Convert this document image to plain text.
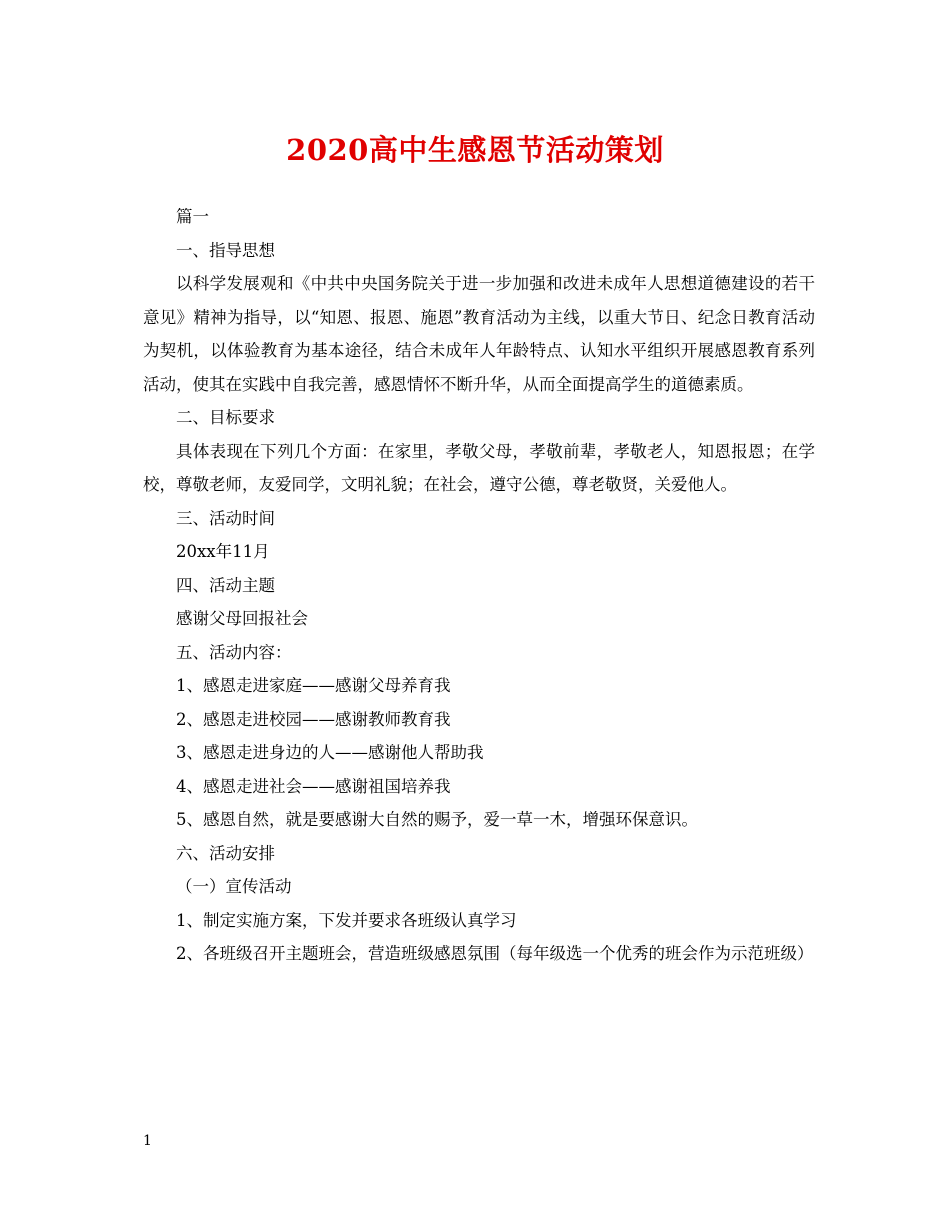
2020高中生感恩节活动策划

篇一

一、指导思想

以科学发展观和《中共中央国务院关于进一步加强和改进未成年人思想道德建设的若干意见》精神为指导，以“知恩、报恩、施恩”教育活动为主线，以重大节日、纪念日教育活动为契机，以体验教育为基本途径，结合未成年人年龄特点、认知水平组织开展感恩教育系列活动，使其在实践中自我完善，感恩情怀不断升华，从而全面提高学生的道德素质。

二、目标要求

具体表现在下列几个方面：在家里，孝敬父母，孝敬前辈，孝敬老人，知恩报恩；在学校，尊敬老师，友爱同学，文明礼貌；在社会，遵守公德，尊老敬贤，关爱他人。

三、活动时间

20xx年11月

四、活动主题

感谢父母回报社会

五、活动内容：

1、感恩走进家庭——感谢父母养育我

2、感恩走进校园——感谢教师教育我

3、感恩走进身边的人——感谢他人帮助我

4、感恩走进社会——感谢祖国培养我

5、感恩自然，就是要感谢大自然的赐予，爱一草一木，增强环保意识。

六、活动安排

（一）宣传活动

1、制定实施方案，下发并要求各班级认真学习

2、各班级召开主题班会，营造班级感恩氛围（每年级选一个优秀的班会作为示范班级）

1
